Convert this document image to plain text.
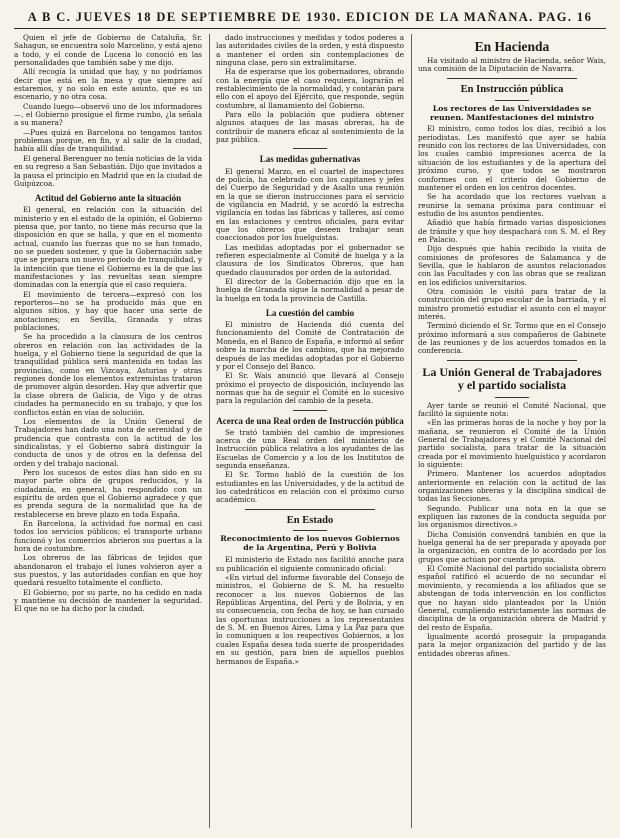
A B C. JUEVES 18 DE SEPTIEMBRE DE 1930. EDICION DE LA MAÑANA. PAG. 16

Quien el jefe de Gobierno de Cataluña, Sr. Sahagun, se encuentra solo Marcelino, y está ajeno a todo, y el conde de Lucena lo conoció en las personalidades que también sabe y me dijo.

Allí recogía la unidad que hay, y no podríamos decir que está en la mesa y que siempre así estaremos, y no solo en este asunto, que es un escenario, y no otra cosa.

Cuando luego—observó uno de los informadores—, el Gobierno prosigue el firme rumbo, ¿la señala a su manera?

—Pues quizá en Barcelona no tengamos tantos problemas porque, en fin, y al salir de la ciudad, había allí días de tranquilidad.

El general Berenguer no tenía noticias de la vida en su regreso a San Sebastián. Dijo que invitados a la pausa el principio en Madrid que en la ciudad de Guipúzcoa.

Actitud del Gobierno ante la situación

El general, en relación con la situación del ministerio y en el estado de la opinión, el Gobierno piensa que, por tanto, no tiene más recurso que la disposición en que se halla, y que en el momento actual, cuando las fuerzas que no se han tomado, no se pueden sostener, y que la Gobernación sabe que se prepara un nuevo período de tranquilidad, y la intención que tiene el Gobierno es la de que las manifestaciones y las revueltas sean siempre dominadas con la energía que el caso requiera.

El movimiento de tercera—expresó con los reporteros—no se ha producido más que en algunos sitios, y hay que hacer una serie de anotaciones; en Sevilla, Granada y otras poblaciones.

Se ha procedido a la clausura de los centros obreros en relación con las actividades de la huelga, y el Gobierno tiene la seguridad de que la tranquilidad pública será mantenida en todas las provincias, como en Vizcaya, Asturias y otras regiones donde los elementos extremistas trataron de promover algún desorden. Hay que advertir que la clase obrera de Galicia, de Vigo y de otras ciudades ha permanecido en su trabajo, y que los conflictos están en vías de solución.

Los elementos de la Unión General de Trabajadores han dado una nota de serenidad y de prudencia que contrasta con la actitud de los sindicalistas, y el Gobierno sabrá distinguir la conducta de unos y de otros en la defensa del orden y del trabajo nacional.

Pero los sucesos de estos días han sido en su mayor parte obra de grupos reducidos, y la ciudadanía, en general, ha respondido con un espíritu de orden que el Gobierno agradece y que es prenda segura de la normalidad que ha de restablecerse en breve plazo en toda España.

En Barcelona, la actividad fue normal en casi todos los servicios públicos; el transporte urbano funcionó y los comercios abrieron sus puertas a la hora de costumbre.

Los obreros de las fábricas de tejidos que abandonaron el trabajo el lunes volvieron ayer a sus puestos, y las autoridades confían en que hoy quedará resuelto totalmente el conflicto.

El Gobierno, por su parte, no ha cedido en nada y mantiene su decisión de mantener la seguridad. El que no se ha dicho por la ciudad.

dado instrucciones y medidas y todos poderes a las autoridades civiles de la orden, y está dispuesto a mantener el orden sin contemplaciones de ninguna clase, pero sin extralimitarse.

Ha de esperarse que los gobernadores, obrando con la energía que el caso requiera, lograrán el restablecimiento de la normalidad, y contarán para ello con el apoyo del Ejército, que responde, según costumbre, al llamamiento del Gobierno.

Para ello la población que pudiera obtener algunos ataques de las masas obreras, ha de contribuir de manera eficaz al sostenimiento de la paz pública.

Las medidas gubernativas

El general Marzo, en el cuartel de inspectores de policía, ha celebrado con los capitanes y jefes del Cuerpo de Seguridad y de Asalto una reunión en la que se dieron instrucciones para el servicio de vigilancia en Madrid, y se acordó la estrecha vigilancia en todas las fábricas y talleres, así como en las estaciones y centros oficiales, para evitar que los obreros que deseen trabajar sean coaccionados por los huelguistas.

Las medidas adoptadas por el gobernador se refieren especialmente al Comité de huelga y a la clausura de los Sindicatos Obreros, que han quedado clausurados por orden de la autoridad.

El director de la Gobernación dijo que en la huelga de Granada sigue la normalidad a pesar de la huelga en toda la provincia de Castilla.

La cuestión del cambio

El ministro de Hacienda dió cuenta del funcionamiento del Comité de Contratación de Moneda, en el Banco de España, e informó al señor sobre la marcha de los cambios, que ha mejorado después de las medidas adoptadas por el Gobierno y por el Consejo del Banco.

El Sr. Wais anunció que llevará al Consejo próximo el proyecto de disposición, incluyendo las normas que ha de seguir el Comité en lo sucesivo para la regulación del cambio de la peseta.

Acerca de una Real orden de Instrucción pública

Se trató también del cambio de impresiones acerca de una Real orden del ministerio de Instrucción pública relativa a los ayudantes de las Escuelas de Comercio y a los de los Institutos de segunda enseñanza.

El Sr. Tormo habló de la cuestión de los estudiantes en las Universidades, y de la actitud de los catedráticos en relación con el próximo curso académico.

En Estado
Reconocimiento de los nuevos Gobiernos de la Argentina, Perú y Bolivia

El ministerio de Estado nos facilitó anoche para su publicación el siguiente comunicado oficial:

«En virtud del informe favorable del Consejo de ministros, el Gobierno de S. M. ha resuelto reconocer a los nuevos Gobiernos de las Repúblicas Argentina, del Perú y de Bolivia, y en su consecuencia, con fecha de hoy, se han cursado las oportunas instrucciones a los representantes de S. M. en Buenos Aires, Lima y La Paz para que lo comuniquen a los respectivos Gobiernos, a los cuales España desea toda suerte de prosperidades en su gestión, para bien de aquellos pueblos hermanos de España.»

En Hacienda

Ha visitado al ministro de Hacienda, señor Wais, una comisión de la Diputación de Navarra.

En Instrucción pública
Los rectores de las Universidades se reunen. Manifestaciones del ministro

El ministro, como todos los días, recibió a los periodistas. Les manifestó que ayer se había reunido con los rectores de las Universidades, con los cuales cambió impresiones acerca de la situación de los estudiantes y de la apertura del próximo curso, y que todos se mostraron conformes con el criterio del Gobierno de mantener el orden en los centros docentes.

Se ha acordado que los rectores vuelvan a reunirse la semana próxima para continuar el estudio de los asuntos pendientes.

Añadió que había firmado varias disposiciones de trámite y que hoy despachará con S. M. el Rey en Palacio.

Dijo después que había recibido la visita de comisiones de profesores de Salamanca y de Sevilla, que le hablaron de asuntos relacionados con las Facultades y con las obras que se realizan en los edificios universitarios.

Otra comisión le visitó para tratar de la construcción del grupo escolar de la barriada, y el ministro prometió estudiar el asunto con el mayor interés.

Terminó diciendo el Sr. Tormo que en el Consejo próximo informará a sus compañeros de Gabinete de las reuniones y de los acuerdos tomados en la conferencia.

La Unión General de Trabajadores y el partido socialista

Ayer tarde se reunió el Comité Nacional, que facilitó la siguiente nota:

«En las primeras horas de la noche y hoy por la mañana, se reunieron el Comité de la Unión General de Trabajadores y el Comité Nacional del partido socialista, para tratar de la situación creada por el movimiento huelguístico y acordaron lo siguiente:

Primero. Mantener los acuerdos adoptados anteriormente en relación con la actitud de las organizaciones obreras y la disciplina sindical de todas las Secciones.

Segundo. Publicar una nota en la que se expliquen las razones de la conducta seguida por los organismos directivos.»

Dicha Comisión convendrá también en que la huelga general ha de ser preparada y apoyada por la organización, en contra de lo acordado por los grupos que actúan por cuenta propia.

El Comité Nacional del partido socialista obrero español ratificó el acuerdo de no secundar el movimiento, y recomienda a los afiliados que se abstengan de toda intervención en los conflictos que no hayan sido planteados por la Unión General, cumpliendo estrictamente las normas de disciplina de la organización obrera de Madrid y del resto de España.

Igualmente acordó proseguir la propaganda para la mejor organización del partido y de las entidades obreras afines.
